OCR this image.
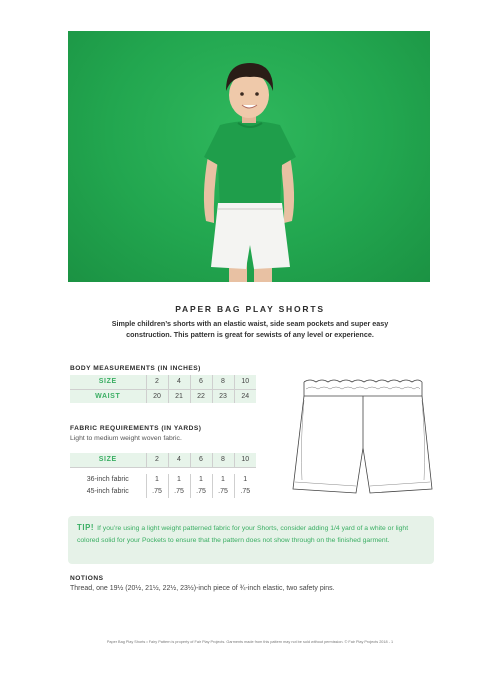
PAPER BAG PLAY SHORTS
Simple children’s shorts with an elastic waist, side seam pockets and super easy construction. This pattern is great for sewists of any level or experience.
BODY MEASUREMENTS (IN INCHES)
SIZE	2	4	6	8	10
WAIST	20	21	22	23	24
FABRIC REQUIREMENTS (IN YARDS)
Light to medium weight woven fabric.
SIZE	2	4	6	8	10
36-inch fabric	1	1	1	1	1
45-inch fabric	.75	.75	.75	.75	.75
TIP! If you’re using a light weight patterned fabric for your Shorts, consider adding 1/4 yard of a white or light colored solid for your Pockets to ensure that the pattern does not show through on the finished garment.
NOTIONS
Thread, one 19½ (20½, 21½, 22½, 23½)-inch piece of ¾-inch elastic, two safety pins.
Paper Bag Play Shorts • Fairy Pattern is property of Fair Play Projects. Garments made from this pattern may not be sold without permission. © Fair Play Projects 2018 - 1
